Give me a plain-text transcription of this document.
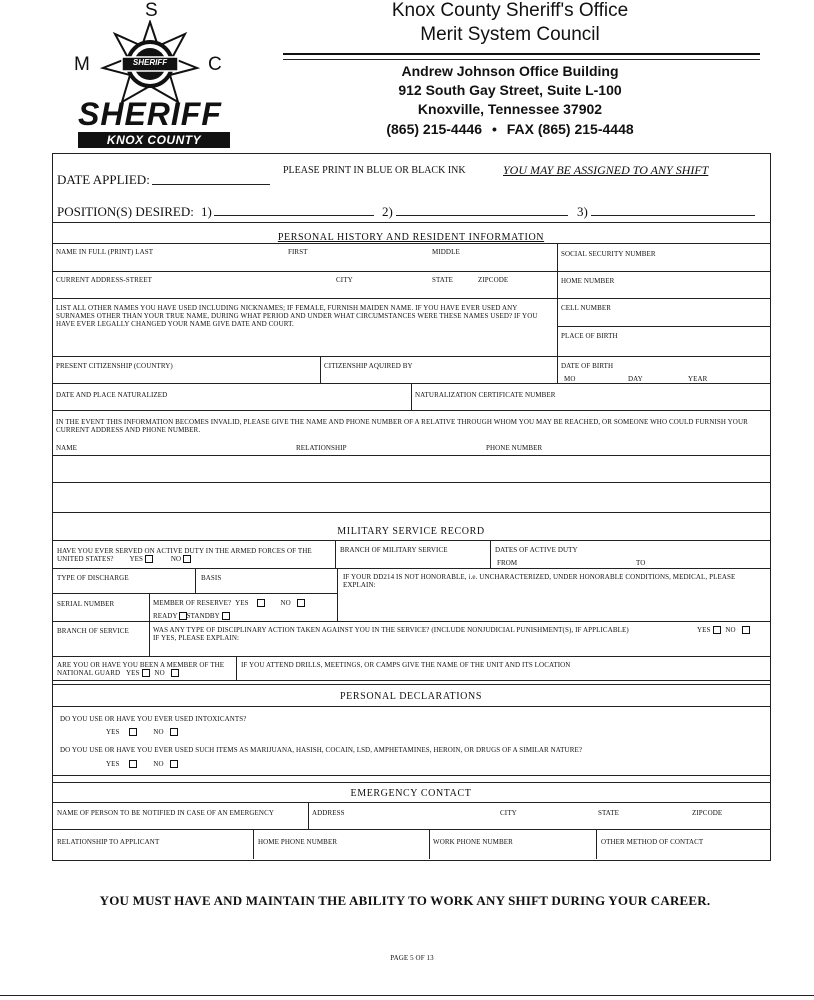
S
M	C
SHERIFF
SHERIFF
KNOX COUNTY
Knox County Sheriff's Office
Merit System Council
Andrew Johnson Office Building
912 South Gay Street, Suite L-100
Knoxville, Tennessee 37902
(865) 215-4446 • FAX (865) 215-4448
DATE APPLIED:
PLEASE PRINT IN BLUE OR BLACK INK	YOU MAY BE ASSIGNED TO ANY SHIFT
POSITION(S) DESIRED: 1)	2)	3)
PERSONAL HISTORY AND RESIDENT INFORMATION
NAME IN FULL (PRINT) LAST	FIRST	MIDDLE	SOCIAL SECURITY NUMBER
CURRENT ADDRESS-STREET	CITY	STATE	ZIPCODE	HOME NUMBER
LIST ALL OTHER NAMES YOU HAVE USED INCLUDING NICKNAMES; IF FEMALE, FURNISH MAIDEN NAME. IF YOU HAVE EVER USED ANY SURNAMES OTHER THAN YOUR TRUE NAME, DURING WHAT PERIOD AND UNDER WHAT CIRCUMSTANCES WERE THESE NAMES USED? IF YOU HAVE EVER LEGALLY CHANGED YOUR NAME GIVE DATE AND COURT.
CELL NUMBER
PLACE OF BIRTH
PRESENT CITIZENSHIP (COUNTRY)	CITIZENSHIP AQUIRED BY	DATE OF BIRTH
MO	DAY	YEAR
DATE AND PLACE NATURALIZED	NATURALIZATION CERTIFICATE NUMBER
IN THE EVENT THIS INFORMATION BECOMES INVALID, PLEASE GIVE THE NAME AND PHONE NUMBER OF A RELATIVE THROUGH WHOM YOU MAY BE REACHED, OR SOMEONE WHO COULD FURNISH YOUR CURRENT ADDRESS AND PHONE NUMBER.
NAME	RELATIONSHIP	PHONE NUMBER
MILITARY SERVICE RECORD
HAVE YOU EVER SERVED ON ACTIVE DUTY IN THE ARMED FORCES OF THE UNITED STATES? YES	NO
BRANCH OF MILITARY SERVICE	DATES OF ACTIVE DUTY
FROM	TO
TYPE OF DISCHARGE	BASIS	IF YOUR DD214 IS NOT HONORABLE, i.e. UNCHARACTERIZED, UNDER HONORABLE CONDITIONS, MEDICAL, PLEASE EXPLAIN:
SERIAL NUMBER	MEMBER OF RESERVE? YES	NO
READY STANDBY
BRANCH OF SERVICE	WAS ANY TYPE OF DISCIPLINARY ACTION TAKEN AGAINST YOU IN THE SERVICE? (INCLUDE NONJUDICIAL PUNISHMENT(S), IF APPLICABLE)	YES NO
IF YES, PLEASE EXPLAIN:
ARE YOU OR HAVE YOU BEEN A MEMBER OF THE NATIONAL GUARD YES NO
IF YOU ATTEND DRILLS, MEETINGS, OR CAMPS GIVE THE NAME OF THE UNIT AND ITS LOCATION
PERSONAL DECLARATIONS
DO YOU USE OR HAVE YOU EVER USED INTOXICANTS?
YES	NO
DO YOU USE OR HAVE YOU EVER USED SUCH ITEMS AS MARIJUANA, HASISH, COCAIN, LSD, AMPHETAMINES, HEROIN, OR DRUGS OF A SIMILAR NATURE?
YES	NO
EMERGENCY CONTACT
NAME OF PERSON TO BE NOTIFIED IN CASE OF AN EMERGENCY	ADDRESS	CITY	STATE	ZIPCODE
RELATIONSHIP TO APPLICANT	HOME PHONE NUMBER	WORK PHONE NUMBER	OTHER METHOD OF CONTACT
YOU MUST HAVE AND MAINTAIN THE ABILITY TO WORK ANY SHIFT DURING YOUR CAREER.
PAGE 5 OF 13
